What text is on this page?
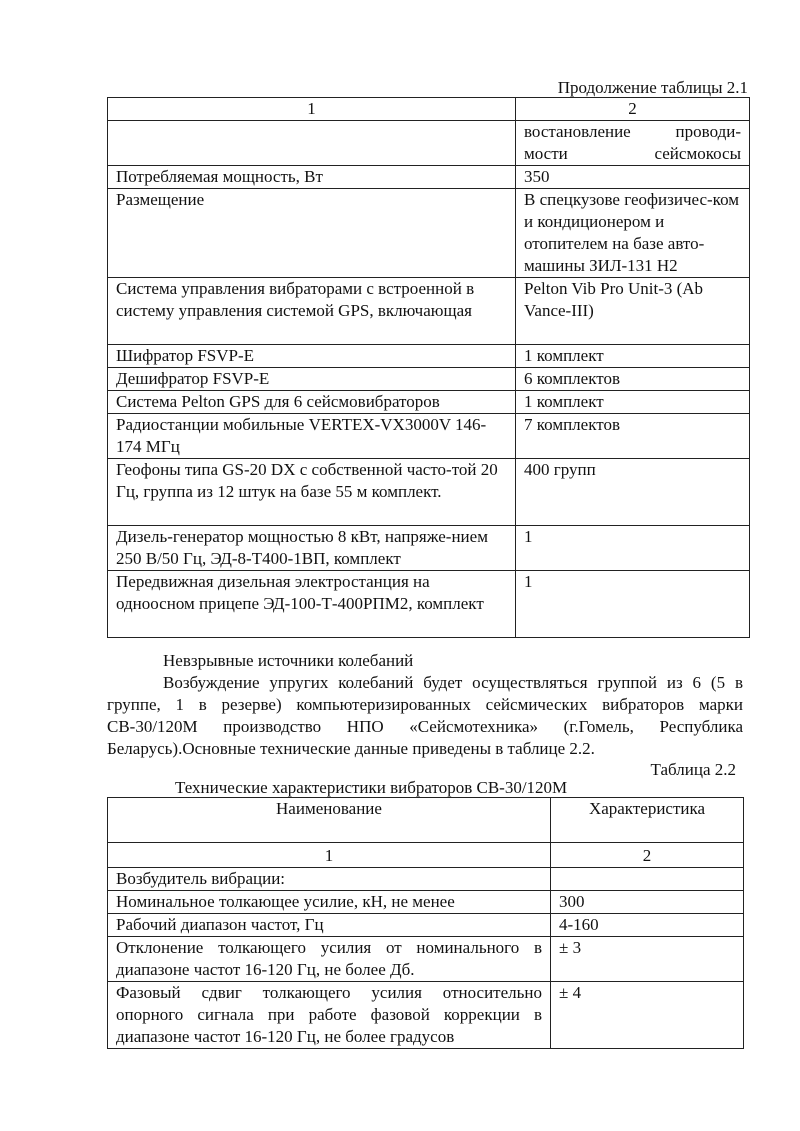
Продолжение таблицы 2.1
1	2
	востановление проводи-мости сейсмокосы
Потребляемая мощность, Вт	350
Размещение	В спецкузове геофизичес-ком и кондиционером и отопителем на базе авто-машины ЗИЛ-131 Н2
Система управления вибраторами с встроенной в систему управления системой GPS, включающая	Pelton Vib Pro Unit-3 (Ab Vance-III)
Шифратор FSVP-E	1 комплект
Дешифратор FSVP-E	6 комплектов
Система Pelton GPS для 6 сейсмовибраторов	1 комплект
Радиостанции мобильные VERTEX-VX3000V 146-174 МГц	7 комплектов
Геофоны типа GS-20 DX с собственной часто-той 20 Гц, группа из 12 штук на базе 55 м комплект.	400 групп
Дизель-генератор мощностью 8 кВт, напряже-нием 250 В/50 Гц, ЭД-8-Т400-1ВП, комплект	1
Передвижная дизельная электростанция на одноосном прицепе ЭД-100-Т-400РПМ2, комплект	1
Невзрывные источники колебаний
Возбуждение упругих колебаний будет осуществляться группой из 6 (5 в группе, 1 в резерве) компьютеризированных сейсмических вибраторов марки СВ-30/120М производство НПО «Сейсмотехника» (г.Гомель, Республика Беларусь).Основные технические данные приведены в таблице 2.2.
Таблица 2.2
Технические характеристики вибраторов СВ-30/120М
Наименование	Характеристика
1	2
Возбудитель вибрации:	
Номинальное толкающее усилие, кН, не менее	300
Рабочий диапазон частот, Гц	4-160
Отклонение толкающего усилия от номинального в диапазоне частот 16-120 Гц, не более Дб.	± 3
Фазовый сдвиг толкающего усилия относительно опорного сигнала при работе фазовой коррекции в диапазоне частот 16-120 Гц, не более градусов	± 4
